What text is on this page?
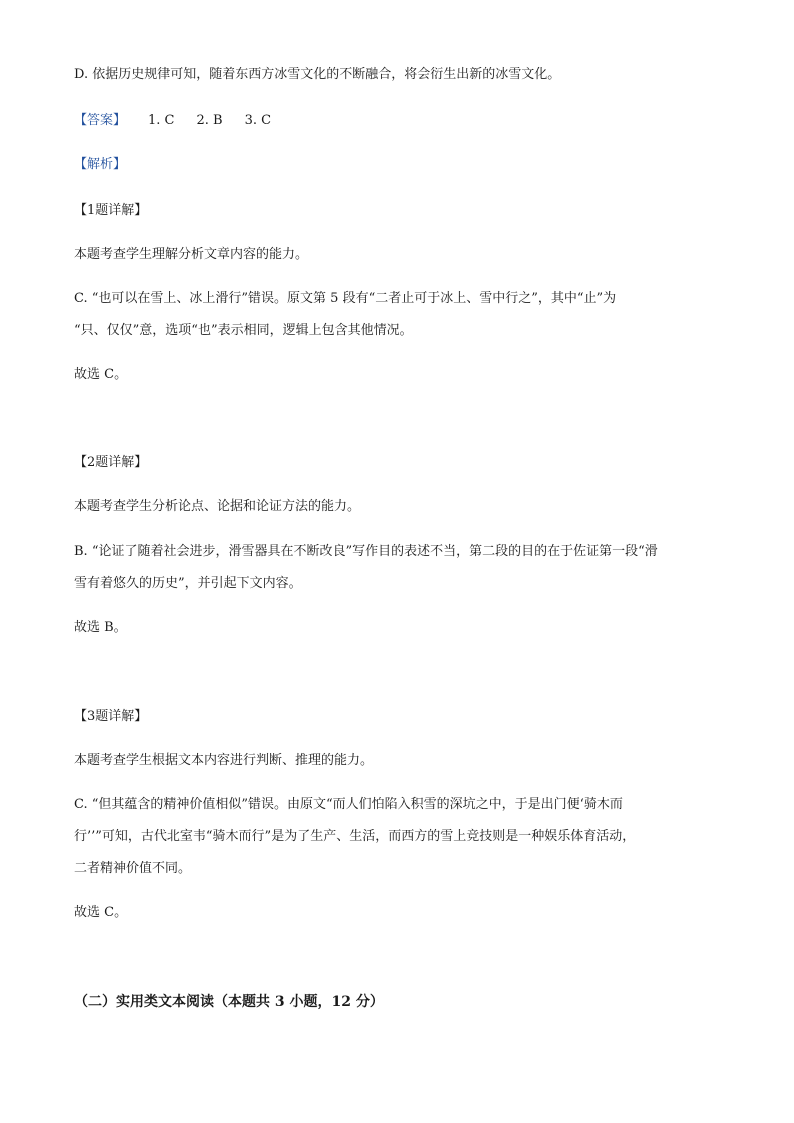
D. 依据历史规律可知，随着东西方冰雪文化的不断融合，将会衍生出新的冰雪文化。
【答案】 1. C 2. B 3. C
【解析】
【1题详解】
本题考查学生理解分析文章内容的能力。
C. “也可以在雪上、冰上滑行”错误。原文第 5 段有“二者止可于冰上、雪中行之”，其中“止”为
“只、仅仅”意，选项“也”表示相同，逻辑上包含其他情况。
故选 C。
【2题详解】
本题考查学生分析论点、论据和论证方法的能力。
B. “论证了随着社会进步，滑雪器具在不断改良”写作目的表述不当，第二段的目的在于佐证第一段“滑
雪有着悠久的历史”，并引起下文内容。
故选 B。
【3题详解】
本题考查学生根据文本内容进行判断、推理的能力。
C. “但其蕴含的精神价值相似”错误。由原文“而人们怕陷入积雪的深坑之中，于是出门便‘骑木而
行’’”可知，古代北室韦“骑木而行”是为了生产、生活，而西方的雪上竞技则是一种娱乐体育活动，
二者精神价值不同。
故选 C。
（二）实用类文本阅读（本题共 3 小题，12 分）
